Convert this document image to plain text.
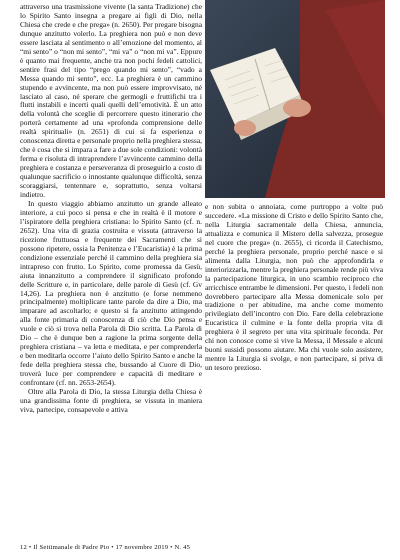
attraverso una trasmissione vivente (la santa Tradizione) che lo Spirito Santo insegna a pregare ai figli di Dio, nella Chiesa che crede e che prega» (n. 2650). Per pregare bisogna dunque anzitutto volerlo. La preghiera non può e non deve essere lasciata al sentimento o all’emozione del momento, al “mi sento” o “non mi sento”, “mi va” o “non mi va”. Eppure è quanto mai frequente, anche tra non pochi fedeli cattolici, sentire frasi del tipo “prego quando mi sento”, “vado a Messa quando mi sento”, ecc. La preghiera è un cammino stupendo e avvincente, ma non può essere improvvisato, né lasciato al caso, né sperare che germogli e fruttifichi tra i flutti instabili e incerti quali quelli dell’emotività. È un atto della volontà che sceglie di percorrere questo itinerario che porterà certamente ad una «profonda comprensione delle realtà spirituali» (n. 2651) di cui si fa esperienza e conoscenza diretta e personale proprio nella preghiera stessa, che è cosa che si impara a fare a due sole condizioni: volontà ferma e risoluta di intraprendere l’avvincente cammino della preghiera e costanza e perseveranza di proseguirlo a costo di qualunque sacrificio o innostante qualunque difficoltà, senza scoraggiarsi, tentennare e, soprattutto, senza voltarsi indietro.

In questo viaggio abbiamo anzitutto un grande alleato interiore, a cui poco si pensa e che in realtà è il motore e l’ispiratore della preghiera cristiana: lo Spirito Santo (cf. n. 2652). Una vita di grazia costruita e vissuta (attraverso la ricezione fruttuosa e frequente dei Sacramenti che si possono ripetere, ossia la Penitenza e l’Eucaristia) è la prima condizione essenziale perché il cammino della preghiera sia intrapreso con frutto. Lo Spirito, come promessa da Gesù, aiuta innanzitutto a comprendere il significato profondo delle Scritture e, in particolare, delle parole di Gesù (cf. Gv 14,26). La preghiera non è anzitutto (e forse nemmeno principalmente) moltiplicare tante parole da dire a Dio, ma imparare ad ascoltarlo; e questo si fa anzitutto attingendo alla fonte primaria di conoscenza di ciò che Dio pensa e vuole e ciò si trova nella Parola di Dio scritta. La Parola di Dio – che è dunque ben a ragione la prima sorgente della preghiera cristiana – va letta e meditata, e per comprenderla e ben meditarla occorre l’aiuto dello Spirito Santo e anche la fede della preghiera stessa che, bussando al Cuore di Dio, troverà luce per comprendere e capacità di meditare e confrontare (cf. nn. 2653-2654).

Oltre alla Parola di Dio, la stessa Liturgia della Chiesa è una grandissima fonte di preghiera, se vissuta in maniera viva, partecipe, consapevole e attiva

e non subita o annoiata, come purtroppo a volte può succedere. «La missione di Cristo e dello Spirito Santo che, nella Liturgia sacramentale della Chiesa, annuncia, attualizza e comunica il Mistero della salvezza, prosegue nel cuore che prega» (n. 2655), ci ricorda il Catechismo, perché la preghiera personale, proprio perché nasce e si alimenta dalla Liturgia, non può che approfondirla e interiorizzarla, mentre la preghiera personale rende più viva la partecipazione liturgica, in uno scambio reciproco che arricchisce entrambe le dimensioni. Per questo, i fedeli non dovrebbero partecipare alla Messa domenicale solo per tradizione o per abitudine, ma anche come momento privilegiato dell’incontro con Dio. Fare della celebrazione Eucaristica il culmine e la fonte della propria vita di preghiera è il segreto per una vita spirituale feconda. Per chi non conosce come si vive la Messa, il Messale e alcuni buoni sussidi possono aiutare. Ma chi vuole solo assistere, mentre la Liturgia si svolge, e non partecipare, si priva di un tesoro prezioso.

12 • Il Settimanale di Padre Pio • 17 novembre 2019 • N. 45
